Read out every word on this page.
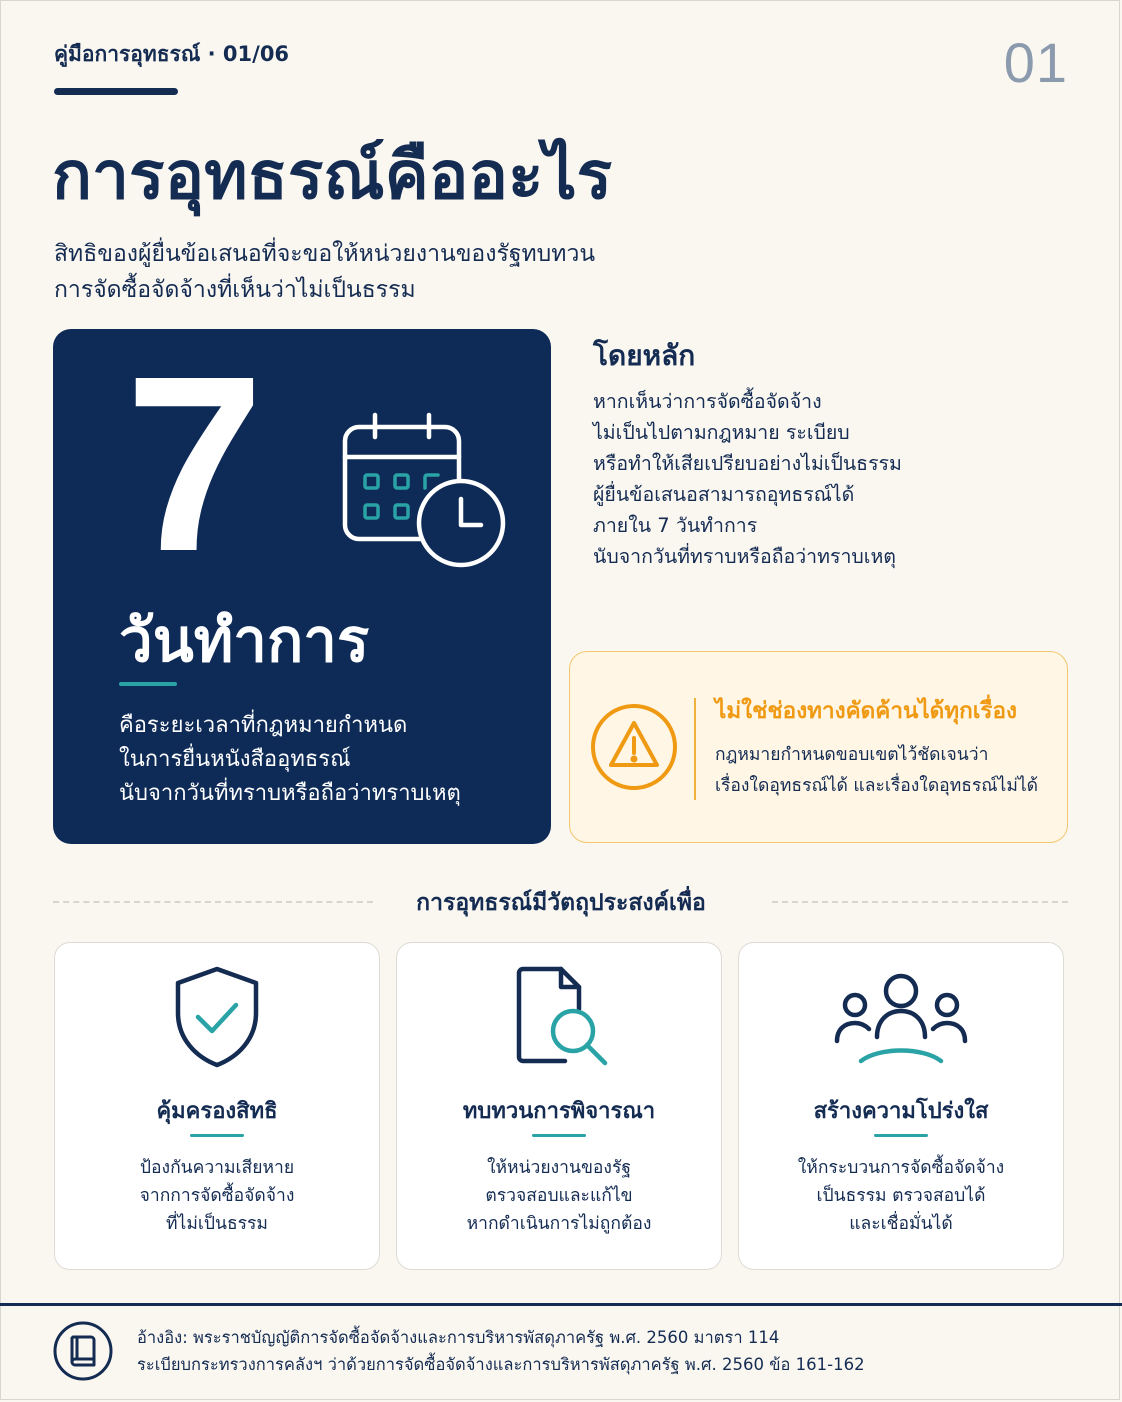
คู่มือการอุทธรณ์ · 01/06	01
การอุทธรณ์คืออะไร
สิทธิของผู้ยื่นข้อเสนอที่จะขอให้หน่วยงานของรัฐทบทวน
การจัดซื้อจัดจ้างที่เห็นว่าไม่เป็นธรรม
7
วันทำการ
คือระยะเวลาที่กฎหมายกำหนด
ในการยื่นหนังสืออุทธรณ์
นับจากวันที่ทราบหรือถือว่าทราบเหตุ
โดยหลัก
หากเห็นว่าการจัดซื้อจัดจ้าง
ไม่เป็นไปตามกฎหมาย ระเบียบ
หรือทำให้เสียเปรียบอย่างไม่เป็นธรรม
ผู้ยื่นข้อเสนอสามารถอุทธรณ์ได้
ภายใน 7 วันทำการ
นับจากวันที่ทราบหรือถือว่าทราบเหตุ
ไม่ใช่ช่องทางคัดค้านได้ทุกเรื่อง
กฎหมายกำหนดขอบเขตไว้ชัดเจนว่า
เรื่องใดอุทธรณ์ได้ และเรื่องใดอุทธรณ์ไม่ได้
การอุทธรณ์มีวัตถุประสงค์เพื่อ
คุ้มครองสิทธิ
ป้องกันความเสียหาย
จากการจัดซื้อจัดจ้าง
ที่ไม่เป็นธรรม
ทบทวนการพิจารณา
ให้หน่วยงานของรัฐ
ตรวจสอบและแก้ไข
หากดำเนินการไม่ถูกต้อง
สร้างความโปร่งใส
ให้กระบวนการจัดซื้อจัดจ้าง
เป็นธรรม ตรวจสอบได้
และเชื่อมั่นได้
อ้างอิง: พระราชบัญญัติการจัดซื้อจัดจ้างและการบริหารพัสดุภาครัฐ พ.ศ. 2560 มาตรา 114
ระเบียบกระทรวงการคลังฯ ว่าด้วยการจัดซื้อจัดจ้างและการบริหารพัสดุภาครัฐ พ.ศ. 2560 ข้อ 161-162
